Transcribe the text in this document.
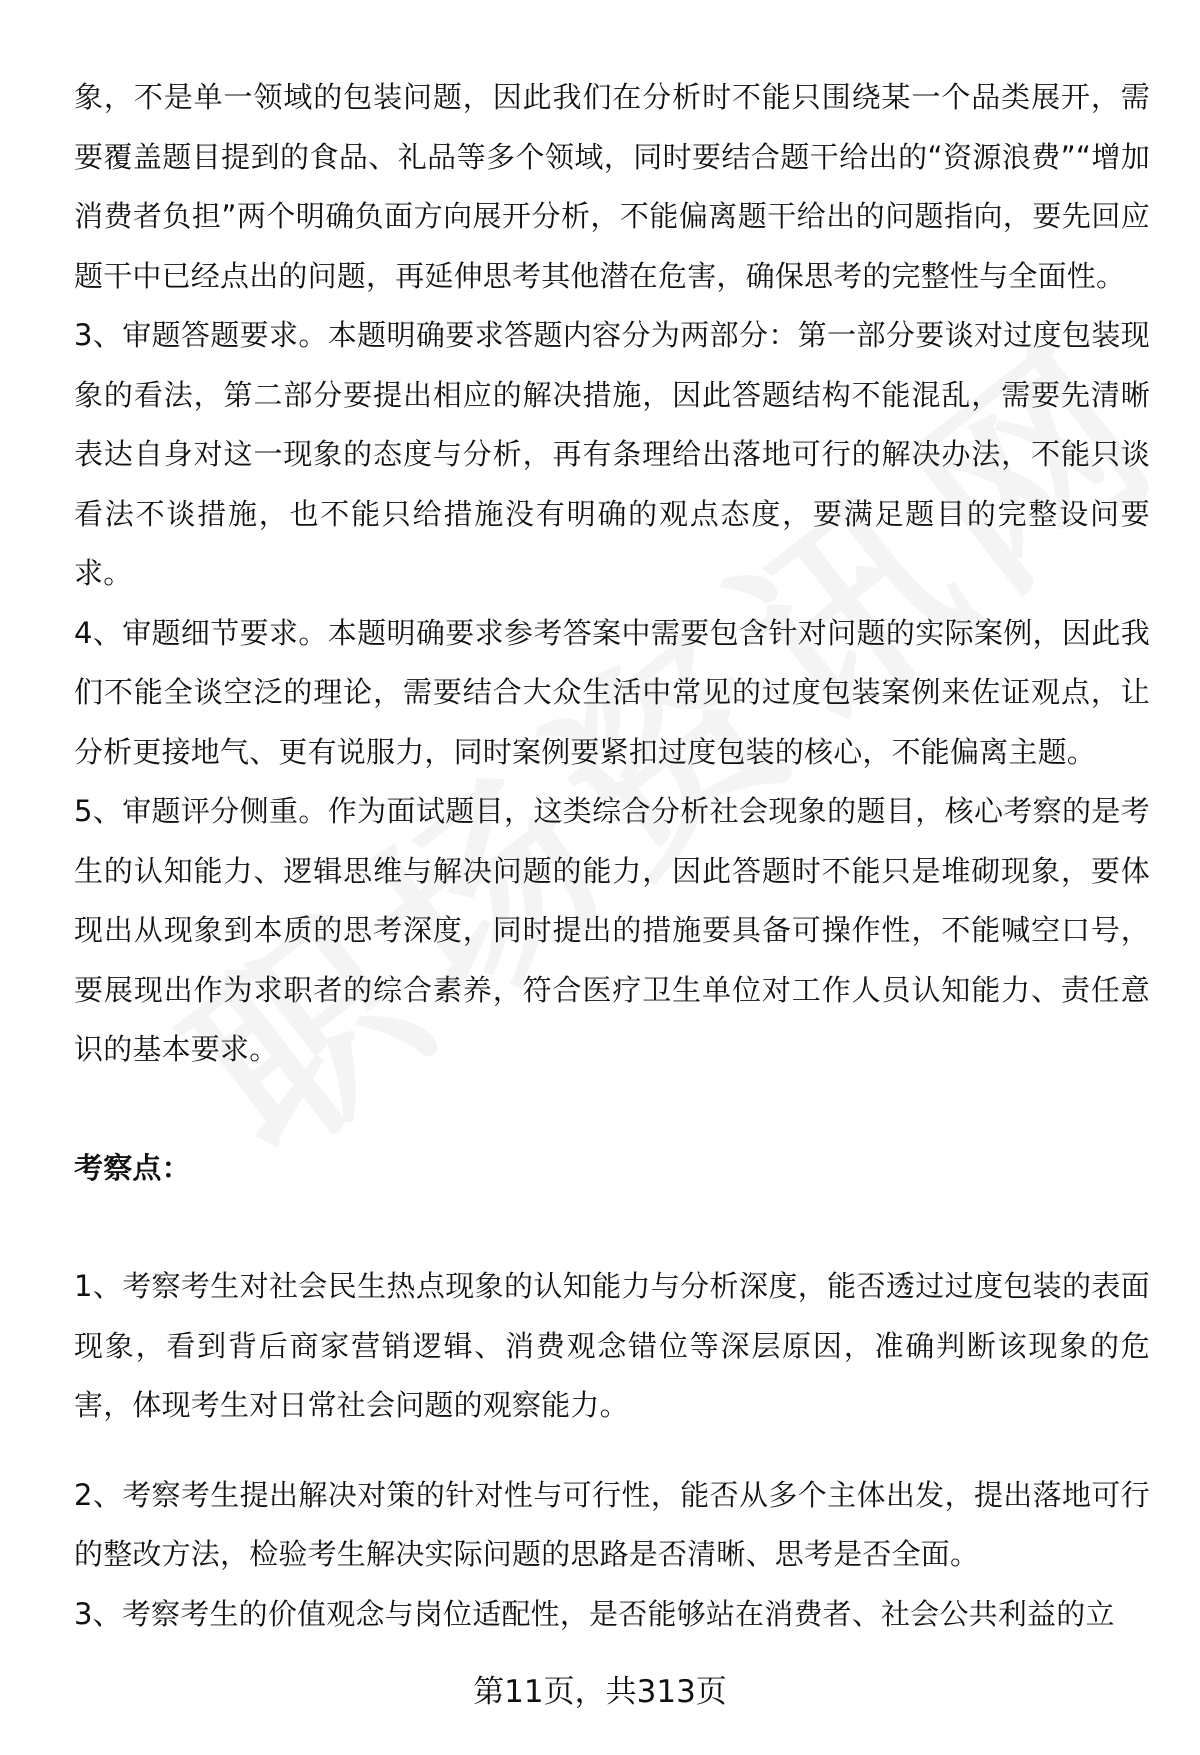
象，不是单一领域的包装问题，因此我们在分析时不能只围绕某一个品类展开，需要覆盖题目提到的食品、礼品等多个领域，同时要结合题干给出的“资源浪费”“增加消费者负担”两个明确负面方向展开分析，不能偏离题干给出的问题指向，要先回应题干中已经点出的问题，再延伸思考其他潜在危害，确保思考的完整性与全面性。

3、审题答题要求。本题明确要求答题内容分为两部分：第一部分要谈对过度包装现象的看法，第二部分要提出相应的解决措施，因此答题结构不能混乱，需要先清晰表达自身对这一现象的态度与分析，再有条理给出落地可行的解决办法，不能只谈看法不谈措施，也不能只给措施没有明确的观点态度，要满足题目的完整设问要求。

4、审题细节要求。本题明确要求参考答案中需要包含针对问题的实际案例，因此我们不能全谈空泛的理论，需要结合大众生活中常见的过度包装案例来佐证观点，让分析更接地气、更有说服力，同时案例要紧扣过度包装的核心，不能偏离主题。

5、审题评分侧重。作为面试题目，这类综合分析社会现象的题目，核心考察的是考生的认知能力、逻辑思维与解决问题的能力，因此答题时不能只是堆砌现象，要体现出从现象到本质的思考深度，同时提出的措施要具备可操作性，不能喊空口号，要展现出作为求职者的综合素养，符合医疗卫生单位对工作人员认知能力、责任意识的基本要求。

考察点：

1、考察考生对社会民生热点现象的认知能力与分析深度，能否透过过度包装的表面现象，看到背后商家营销逻辑、消费观念错位等深层原因，准确判断该现象的危害，体现考生对日常社会问题的观察能力。

2、考察考生提出解决对策的针对性与可行性，能否从多个主体出发，提出落地可行的整改方法，检验考生解决实际问题的思路是否清晰、思考是否全面。

3、考察考生的价值观念与岗位适配性，是否能够站在消费者、社会公共利益的立

第11页，共313页
